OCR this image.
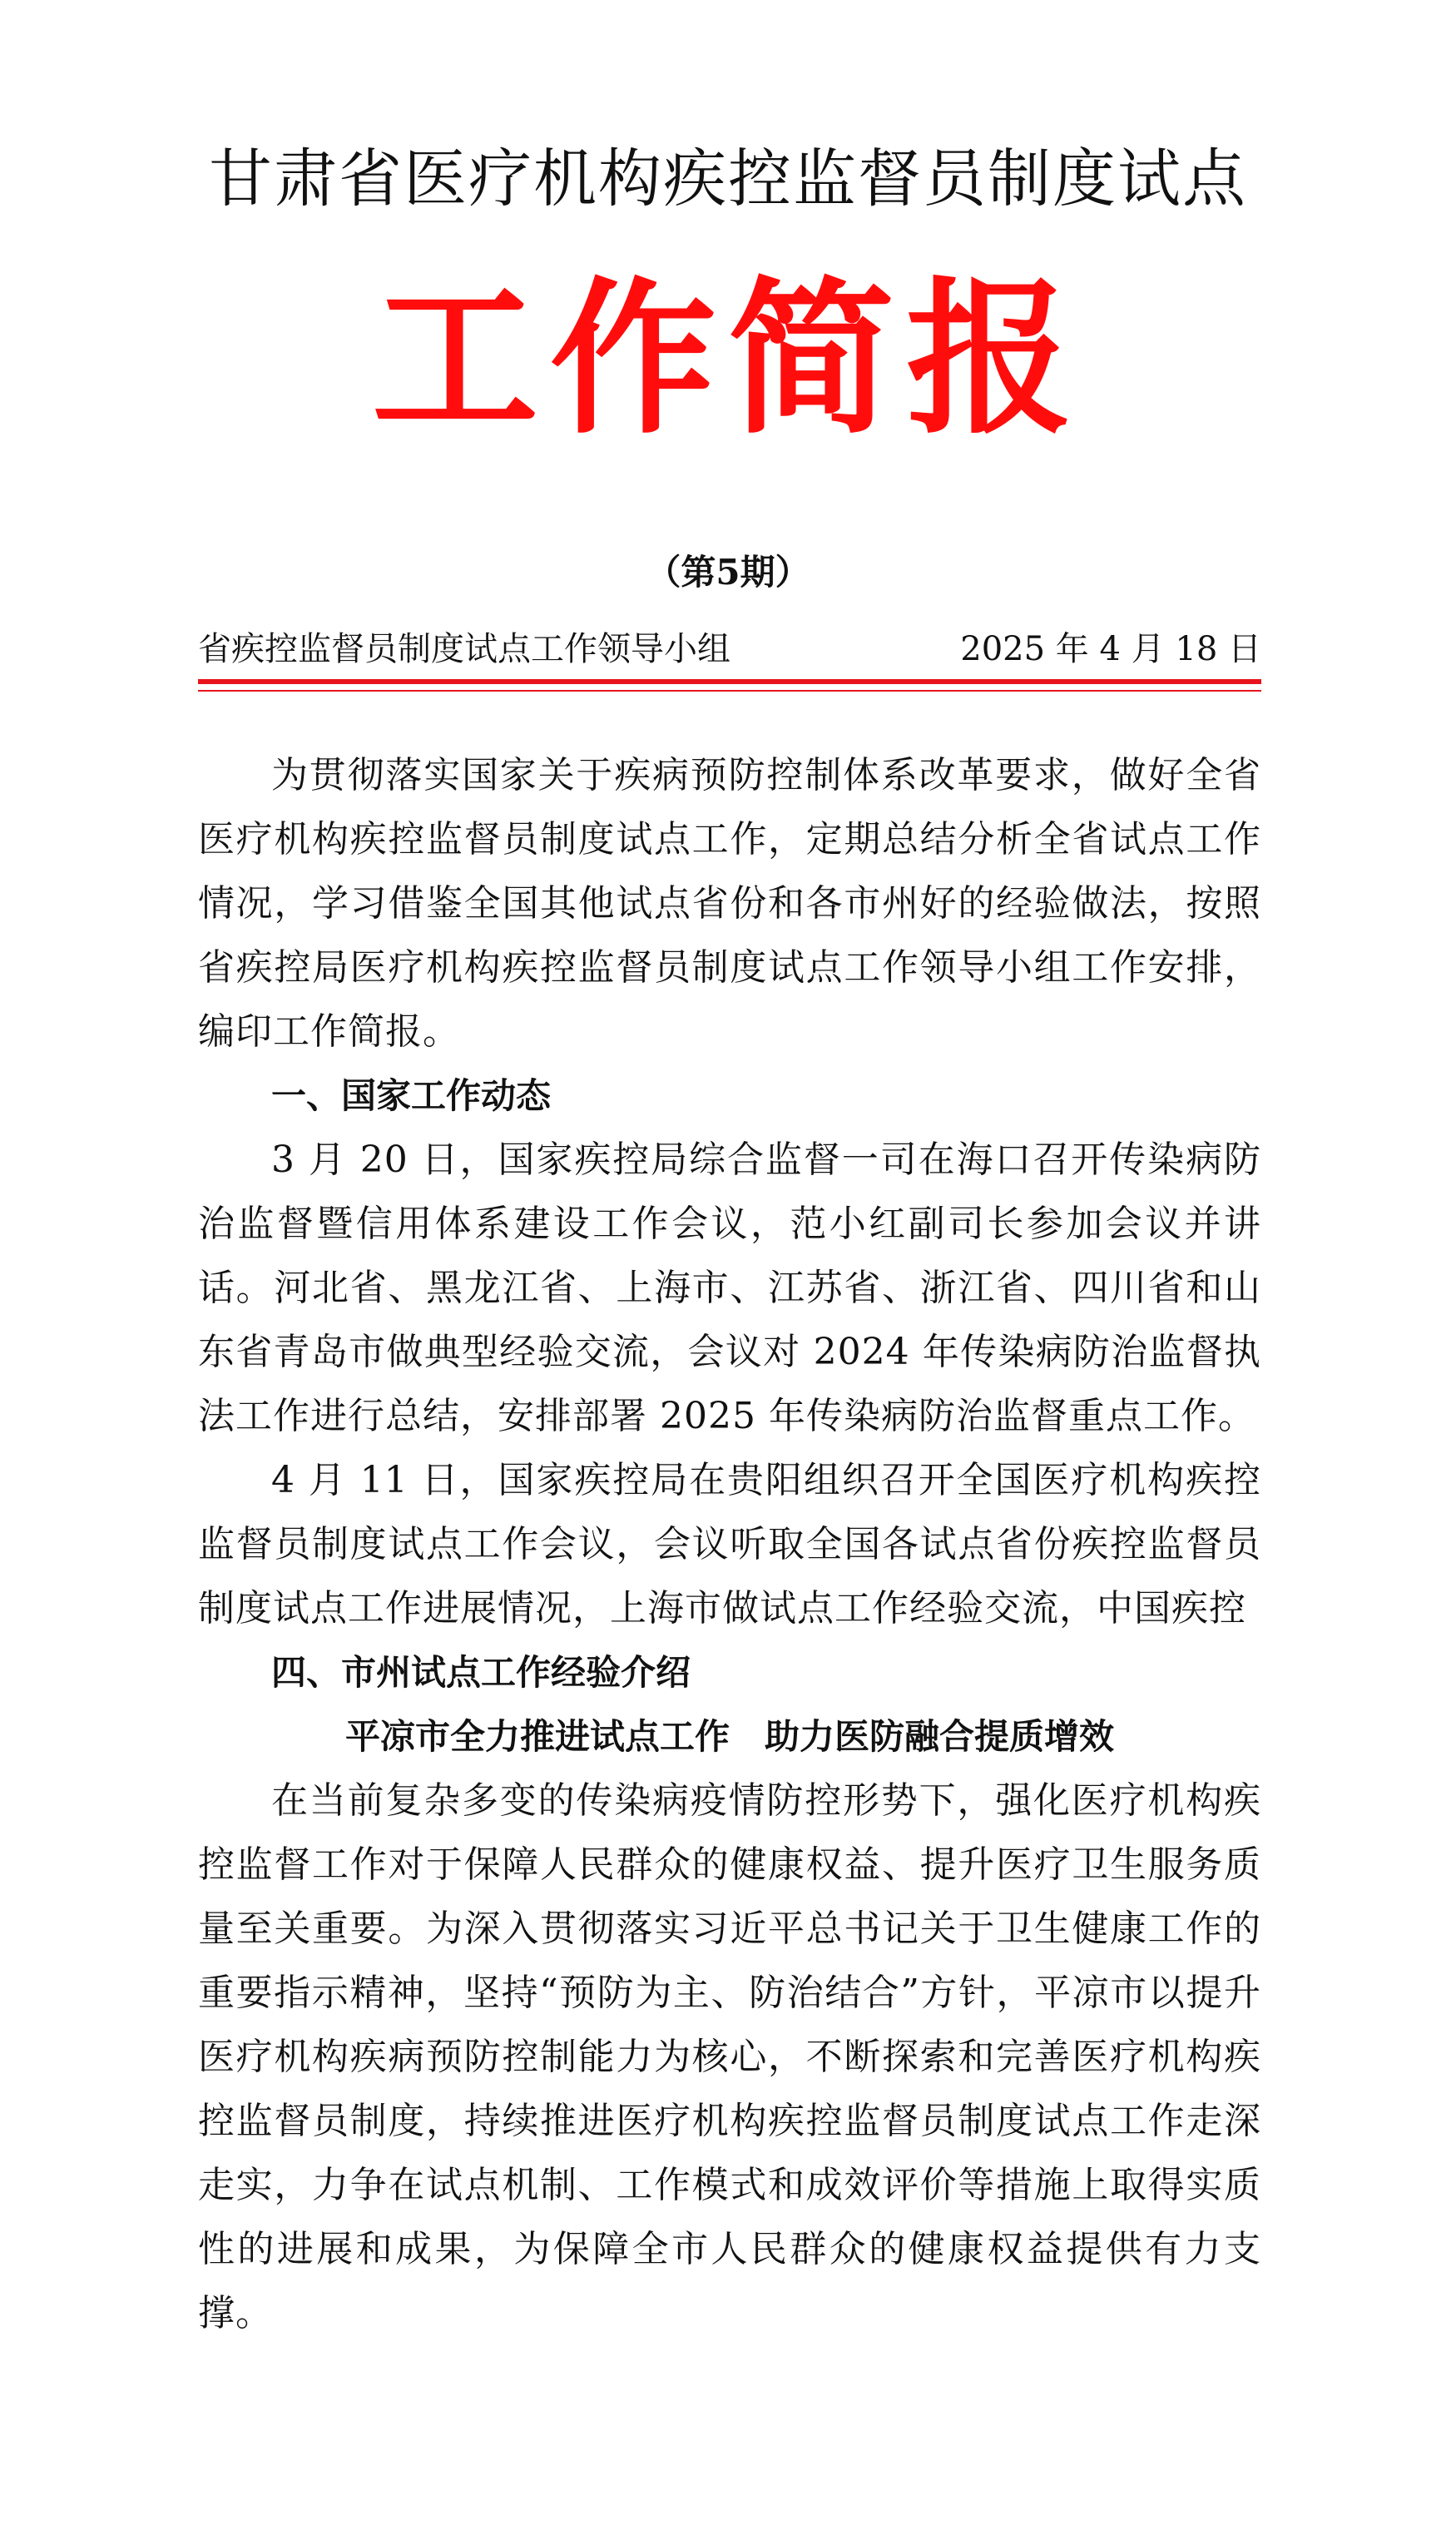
甘肃省医疗机构疾控监督员制度试点
工作简报
（第5期）
省疾控监督员制度试点工作领导小组	2025 年 4 月 18 日

为贯彻落实国家关于疾病预防控制体系改革要求，做好全省医疗机构疾控监督员制度试点工作，定期总结分析全省试点工作情况，学习借鉴全国其他试点省份和各市州好的经验做法，按照省疾控局医疗机构疾控监督员制度试点工作领导小组工作安排，编印工作简报。

一、国家工作动态

3 月 20 日，国家疾控局综合监督一司在海口召开传染病防治监督暨信用体系建设工作会议，范小红副司长参加会议并讲话。河北省、黑龙江省、上海市、江苏省、浙江省、四川省和山东省青岛市做典型经验交流，会议对 2024 年传染病防治监督执法工作进行总结，安排部署 2025 年传染病防治监督重点工作。

4 月 11 日，国家疾控局在贵阳组织召开全国医疗机构疾控监督员制度试点工作会议，会议听取全国各试点省份疾控监督员制度试点工作进展情况，上海市做试点工作经验交流，中国疾控

四、市州试点工作经验介绍

平凉市全力推进试点工作　助力医防融合提质增效

在当前复杂多变的传染病疫情防控形势下，强化医疗机构疾控监督工作对于保障人民群众的健康权益、提升医疗卫生服务质量至关重要。为深入贯彻落实习近平总书记关于卫生健康工作的重要指示精神，坚持“预防为主、防治结合”方针，平凉市以提升医疗机构疾病预防控制能力为核心，不断探索和完善医疗机构疾控监督员制度，持续推进医疗机构疾控监督员制度试点工作走深走实，力争在试点机制、工作模式和成效评价等措施上取得实质性的进展和成果，为保障全市人民群众的健康权益提供有力支撑。
